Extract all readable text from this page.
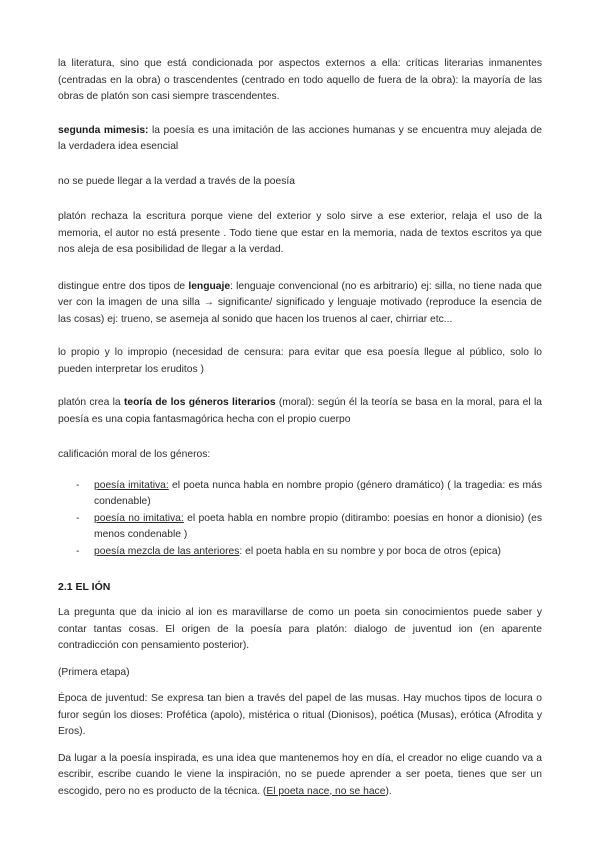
la literatura, sino que está condicionada por aspectos externos a ella: críticas literarias inmanentes (centradas en la obra) o trascendentes (centrado en todo aquello de fuera de la obra): la mayoría de las obras de platón son casi siempre trascendentes.

segunda mimesis: la poesía es una imitación de las acciones humanas y se encuentra muy alejada de la verdadera idea esencial

no se puede llegar a la verdad a través de la poesía

platón rechaza la escritura porque viene del exterior y solo sirve a ese exterior, relaja el uso de la memoria, el autor no está presente . Todo tiene que estar en la memoria, nada de textos escritos ya que nos aleja de esa posibilidad de llegar a la verdad.

distingue entre dos tipos de lenguaje: lenguaje convencional (no es arbitrario) ej: silla, no tiene nada que ver con la imagen de una silla → significante/ significado y lenguaje motivado (reproduce la esencia de las cosas) ej: trueno, se asemeja al sonido que hacen los truenos al caer, chirriar etc...

lo propio y lo impropio (necesidad de censura: para evitar que esa poesía llegue al público, solo lo pueden interpretar los eruditos )

platón crea la teoría de los géneros literarios (moral): según él la teoría se basa en la moral, para el la poesía es una copia fantasmagórica hecha con el propio cuerpo

calificación moral de los géneros:

- poesía imitativa: el poeta nunca habla en nombre propio (género dramático) ( la tragedia: es más condenable)
- poesía no imitativa: el poeta habla en nombre propio (ditirambo: poesias en honor a dionisio) (es menos condenable )
- poesía mezcla de las anteriores: el poeta habla en su nombre y por boca de otros (epica)
2.1 EL IÓN

La pregunta que da inicio al ion es maravillarse de como un poeta sin conocimientos puede saber y contar tantas cosas. El origen de la poesía para platón: dialogo de juventud ion (en aparente contradicción con pensamiento posterior).

(Primera etapa)

Época de juventud: Se expresa tan bien a través del papel de las musas. Hay muchos tipos de locura o furor según los dioses: Profética (apolo), mistérica o ritual (Dionisos), poética (Musas), erótica (Afrodita y Eros).

Da lugar a la poesía inspirada, es una idea que mantenemos hoy en día, el creador no elige cuando va a escribir, escribe cuando le viene la inspiración, no se puede aprender a ser poeta, tienes que ser un escogido, pero no es producto de la técnica. (El poeta nace, no se hace).
